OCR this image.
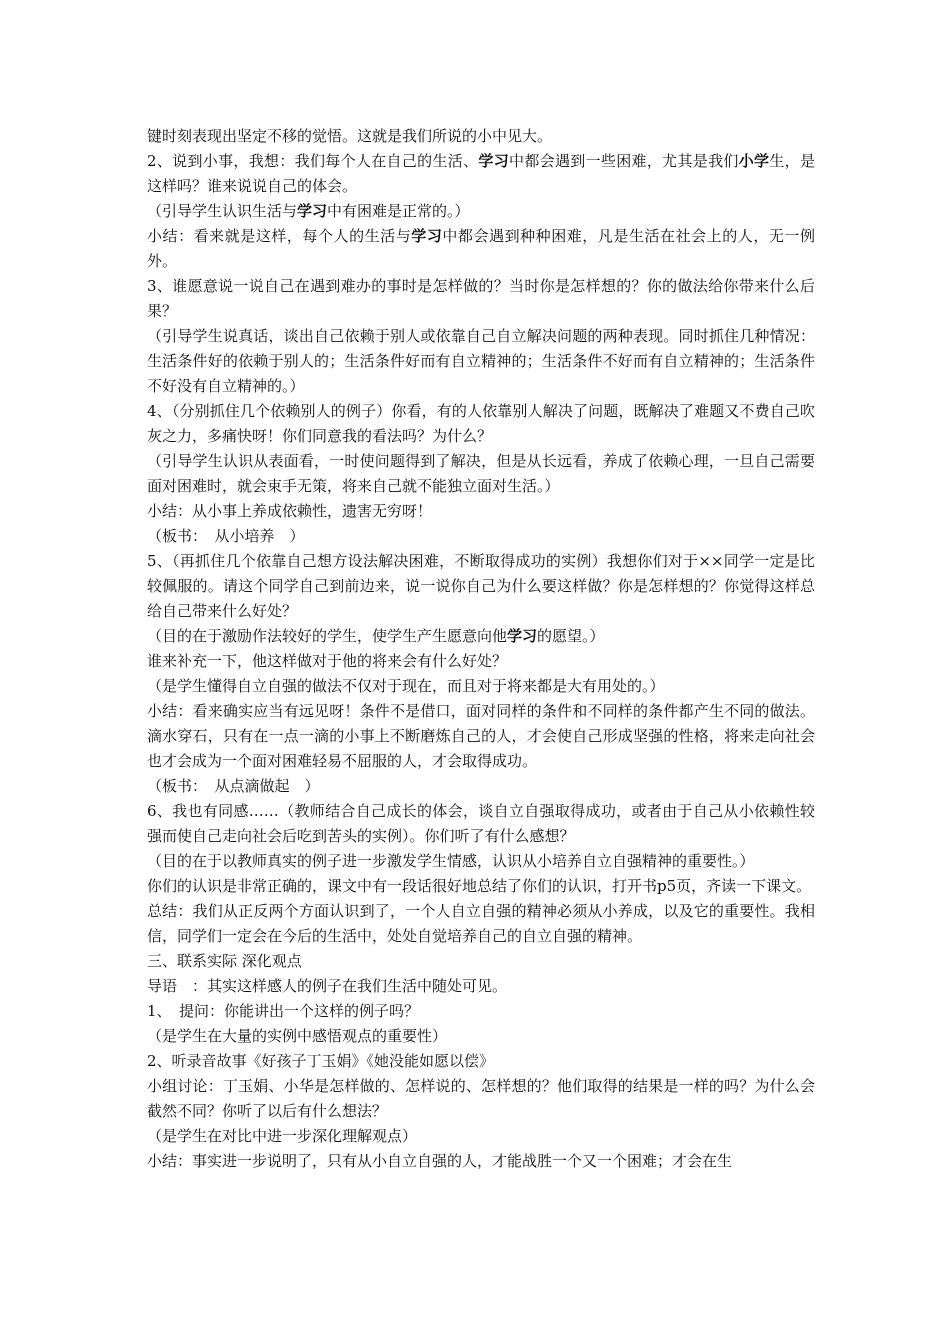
键时刻表现出坚定不移的觉悟。这就是我们所说的小中见大。
2、说到小事，我想：我们每个人在自己的生活、学习中都会遇到一些困难，尤其是我们小学生，是这样吗？谁来说说自己的体会。
（引导学生认识生活与学习中有困难是正常的。）
小结：看来就是这样，每个人的生活与学习中都会遇到种种困难，凡是生活在社会上的人，无一例外。
3、谁愿意说一说自己在遇到难办的事时是怎样做的？当时你是怎样想的？你的做法给你带来什么后果？
（引导学生说真话，谈出自己依赖于别人或依靠自己自立解决问题的两种表现。同时抓住几种情况：生活条件好的依赖于别人的；生活条件好而有自立精神的；生活条件不好而有自立精神的；生活条件不好没有自立精神的。）
4、（分别抓住几个依赖别人的例子）你看，有的人依靠别人解决了问题，既解决了难题又不费自己吹灰之力，多痛快呀！你们同意我的看法吗？为什么？
（引导学生认识从表面看，一时使问题得到了解决，但是从长远看，养成了依赖心理，一旦自己需要面对困难时，就会束手无策，将来自己就不能独立面对生活。）
小结：从小事上养成依赖性，遗害无穷呀！
（板书：　从小培养　）
5、（再抓住几个依靠自己想方设法解决困难，不断取得成功的实例）我想你们对于××同学一定是比较佩服的。请这个同学自己到前边来，说一说你自己为什么要这样做？你是怎样想的？你觉得这样总给自己带来什么好处？
（目的在于激励作法较好的学生，使学生产生愿意向他学习的愿望。）
谁来补充一下，他这样做对于他的将来会有什么好处？
（是学生懂得自立自强的做法不仅对于现在，而且对于将来都是大有用处的。）
小结：看来确实应当有远见呀！条件不是借口，面对同样的条件和不同样的条件都产生不同的做法。滴水穿石，只有在一点一滴的小事上不断磨炼自己的人，才会使自己形成坚强的性格，将来走向社会也才会成为一个面对困难轻易不屈服的人，才会取得成功。
（板书：　从点滴做起　）
6、我也有同感……（教师结合自己成长的体会，谈自立自强取得成功，或者由于自己从小依赖性较强而使自己走向社会后吃到苦头的实例）。你们听了有什么感想？
（目的在于以教师真实的例子进一步激发学生情感，认识从小培养自立自强精神的重要性。）
你们的认识是非常正确的，课文中有一段话很好地总结了你们的认识，打开书p5页，齐读一下课文。
总结：我们从正反两个方面认识到了，一个人自立自强的精神必须从小养成，以及它的重要性。我相信，同学们一定会在今后的生活中，处处自觉培养自己的自立自强的精神。
三、联系实际 深化观点
导语　：其实这样感人的例子在我们生活中随处可见。
1、　提问：你能讲出一个这样的例子吗？
（是学生在大量的实例中感悟观点的重要性）
2、听录音故事《好孩子丁玉娟》《她没能如愿以偿》
小组讨论：丁玉娟、小华是怎样做的、怎样说的、怎样想的？他们取得的结果是一样的吗？为什么会截然不同？你听了以后有什么想法？
（是学生在对比中进一步深化理解观点）
小结：事实进一步说明了，只有从小自立自强的人，才能战胜一个又一个困难；才会在生
